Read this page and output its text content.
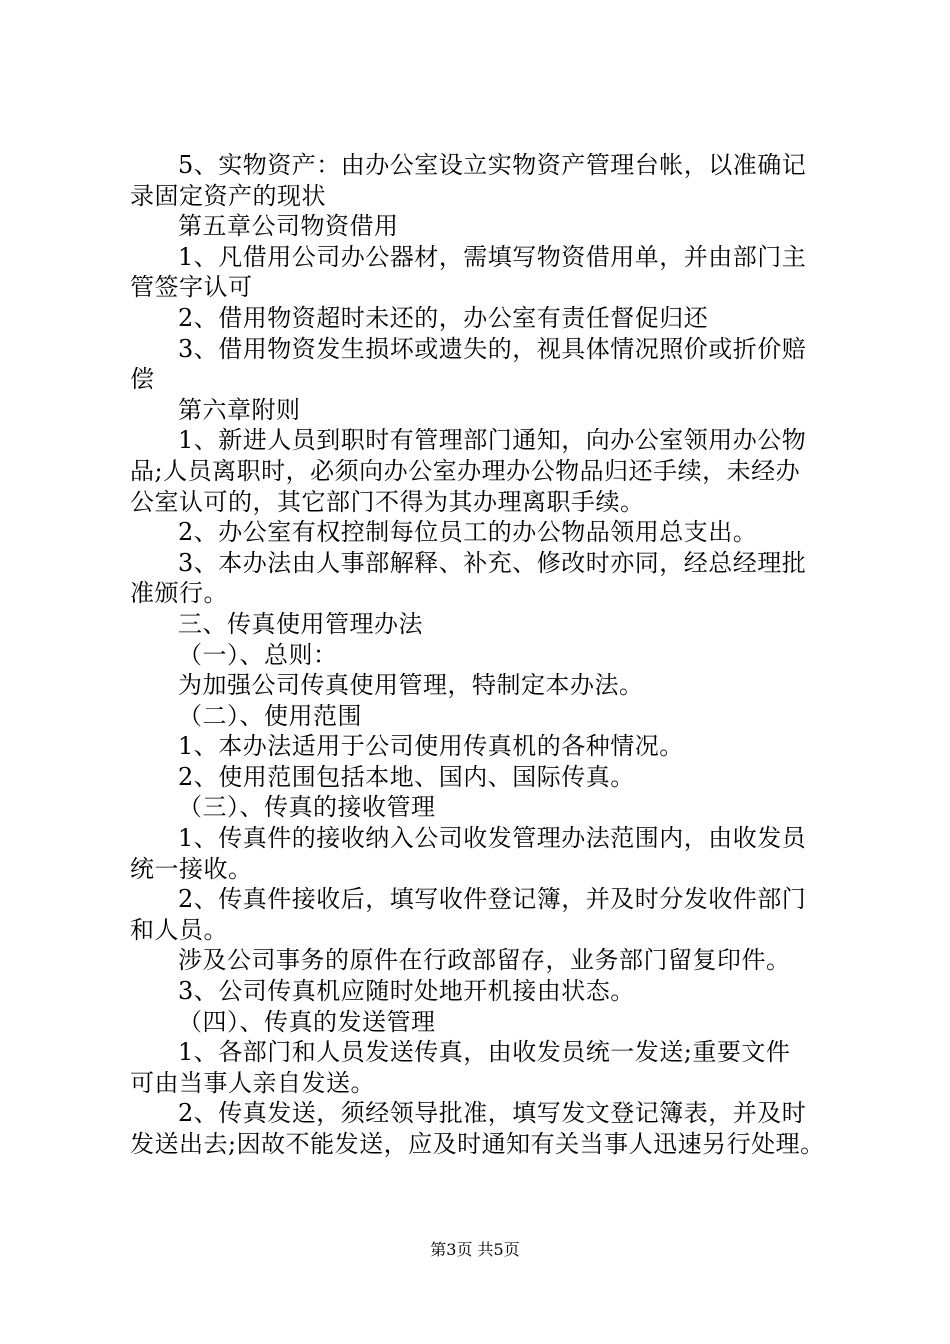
5、实物资产：由办公室设立实物资产管理台帐，以准确记
录固定资产的现状
第五章公司物资借用
1、凡借用公司办公器材，需填写物资借用单，并由部门主
管签字认可
2、借用物资超时未还的，办公室有责任督促归还
3、借用物资发生损坏或遗失的，视具体情况照价或折价赔
偿
第六章附则
1、新进人员到职时有管理部门通知，向办公室领用办公物
品;人员离职时，必须向办公室办理办公物品归还手续，未经办
公室认可的，其它部门不得为其办理离职手续。
2、办公室有权控制每位员工的办公物品领用总支出。
3、本办法由人事部解释、补充、修改时亦同，经总经理批
准颁行。
三、传真使用管理办法
（一）、总则：
为加强公司传真使用管理，特制定本办法。
（二）、使用范围
1、本办法适用于公司使用传真机的各种情况。
2、使用范围包括本地、国内、国际传真。
（三）、传真的接收管理
1、传真件的接收纳入公司收发管理办法范围内，由收发员
统一接收。
2、传真件接收后，填写收件登记簿，并及时分发收件部门
和人员。
涉及公司事务的原件在行政部留存，业务部门留复印件。
3、公司传真机应随时处地开机接由状态。
（四）、传真的发送管理
1、各部门和人员发送传真，由收发员统一发送;重要文件
可由当事人亲自发送。
2、传真发送，须经领导批准，填写发文登记簿表，并及时
发送出去;因故不能发送，应及时通知有关当事人迅速另行处理。
第3页 共5页
